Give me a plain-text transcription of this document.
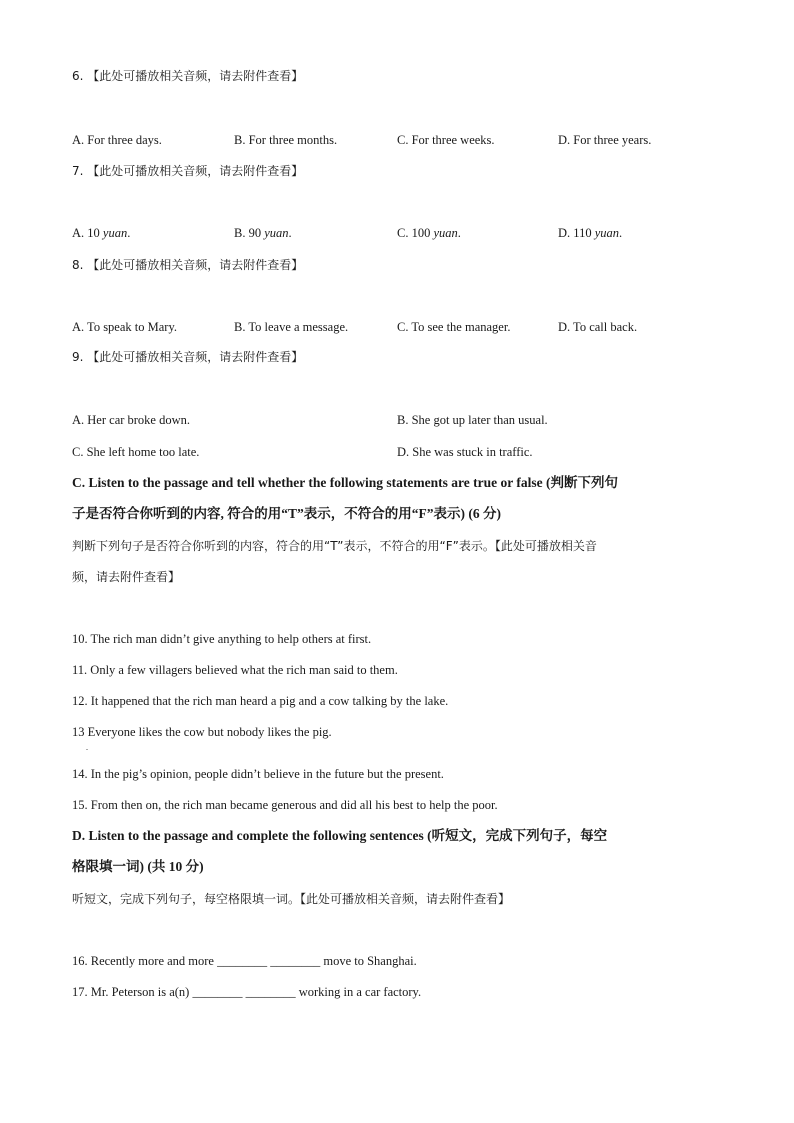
6. 【此处可播放相关音频，请去附件查看】
A. For three days.	B. For three months.	C. For three weeks.	D. For three years.
7. 【此处可播放相关音频，请去附件查看】
A. 10 yuan.	B. 90 yuan.	C. 100 yuan.	D. 110 yuan.
8. 【此处可播放相关音频，请去附件查看】
A. To speak to Mary.	B. To leave a message.	C. To see the manager.	D. To call back.
9. 【此处可播放相关音频，请去附件查看】
A. Her car broke down.	B. She got up later than usual.
C. She left home too late.	D. She was stuck in traffic.
C. Listen to the passage and tell whether the following statements are true or false (判断下列句
子是否符合你听到的内容, 符合的用“T”表示，不符合的用“F”表示) (6 分)
判断下列句子是否符合你听到的内容，符合的用“T”表示，不符合的用“F”表示。【此处可播放相关音
频，请去附件查看】
10. The rich man didn’t give anything to help others at first.
11. Only a few villagers believed what the rich man said to them.
12. It happened that the rich man heard a pig and a cow talking by the lake.
13 Everyone likes the cow but nobody likes the pig.
.
14. In the pig’s opinion, people didn’t believe in the future but the present.
15. From then on, the rich man became generous and did all his best to help the poor.
D. Listen to the passage and complete the following sentences (听短文，完成下列句子，每空
格限填一词) (共 10 分)
听短文，完成下列句子，每空格限填一词。【此处可播放相关音频，请去附件查看】
16. Recently more and more ________ ________ move to Shanghai.
17. Mr. Peterson is a(n) ________ ________ working in a car factory.
